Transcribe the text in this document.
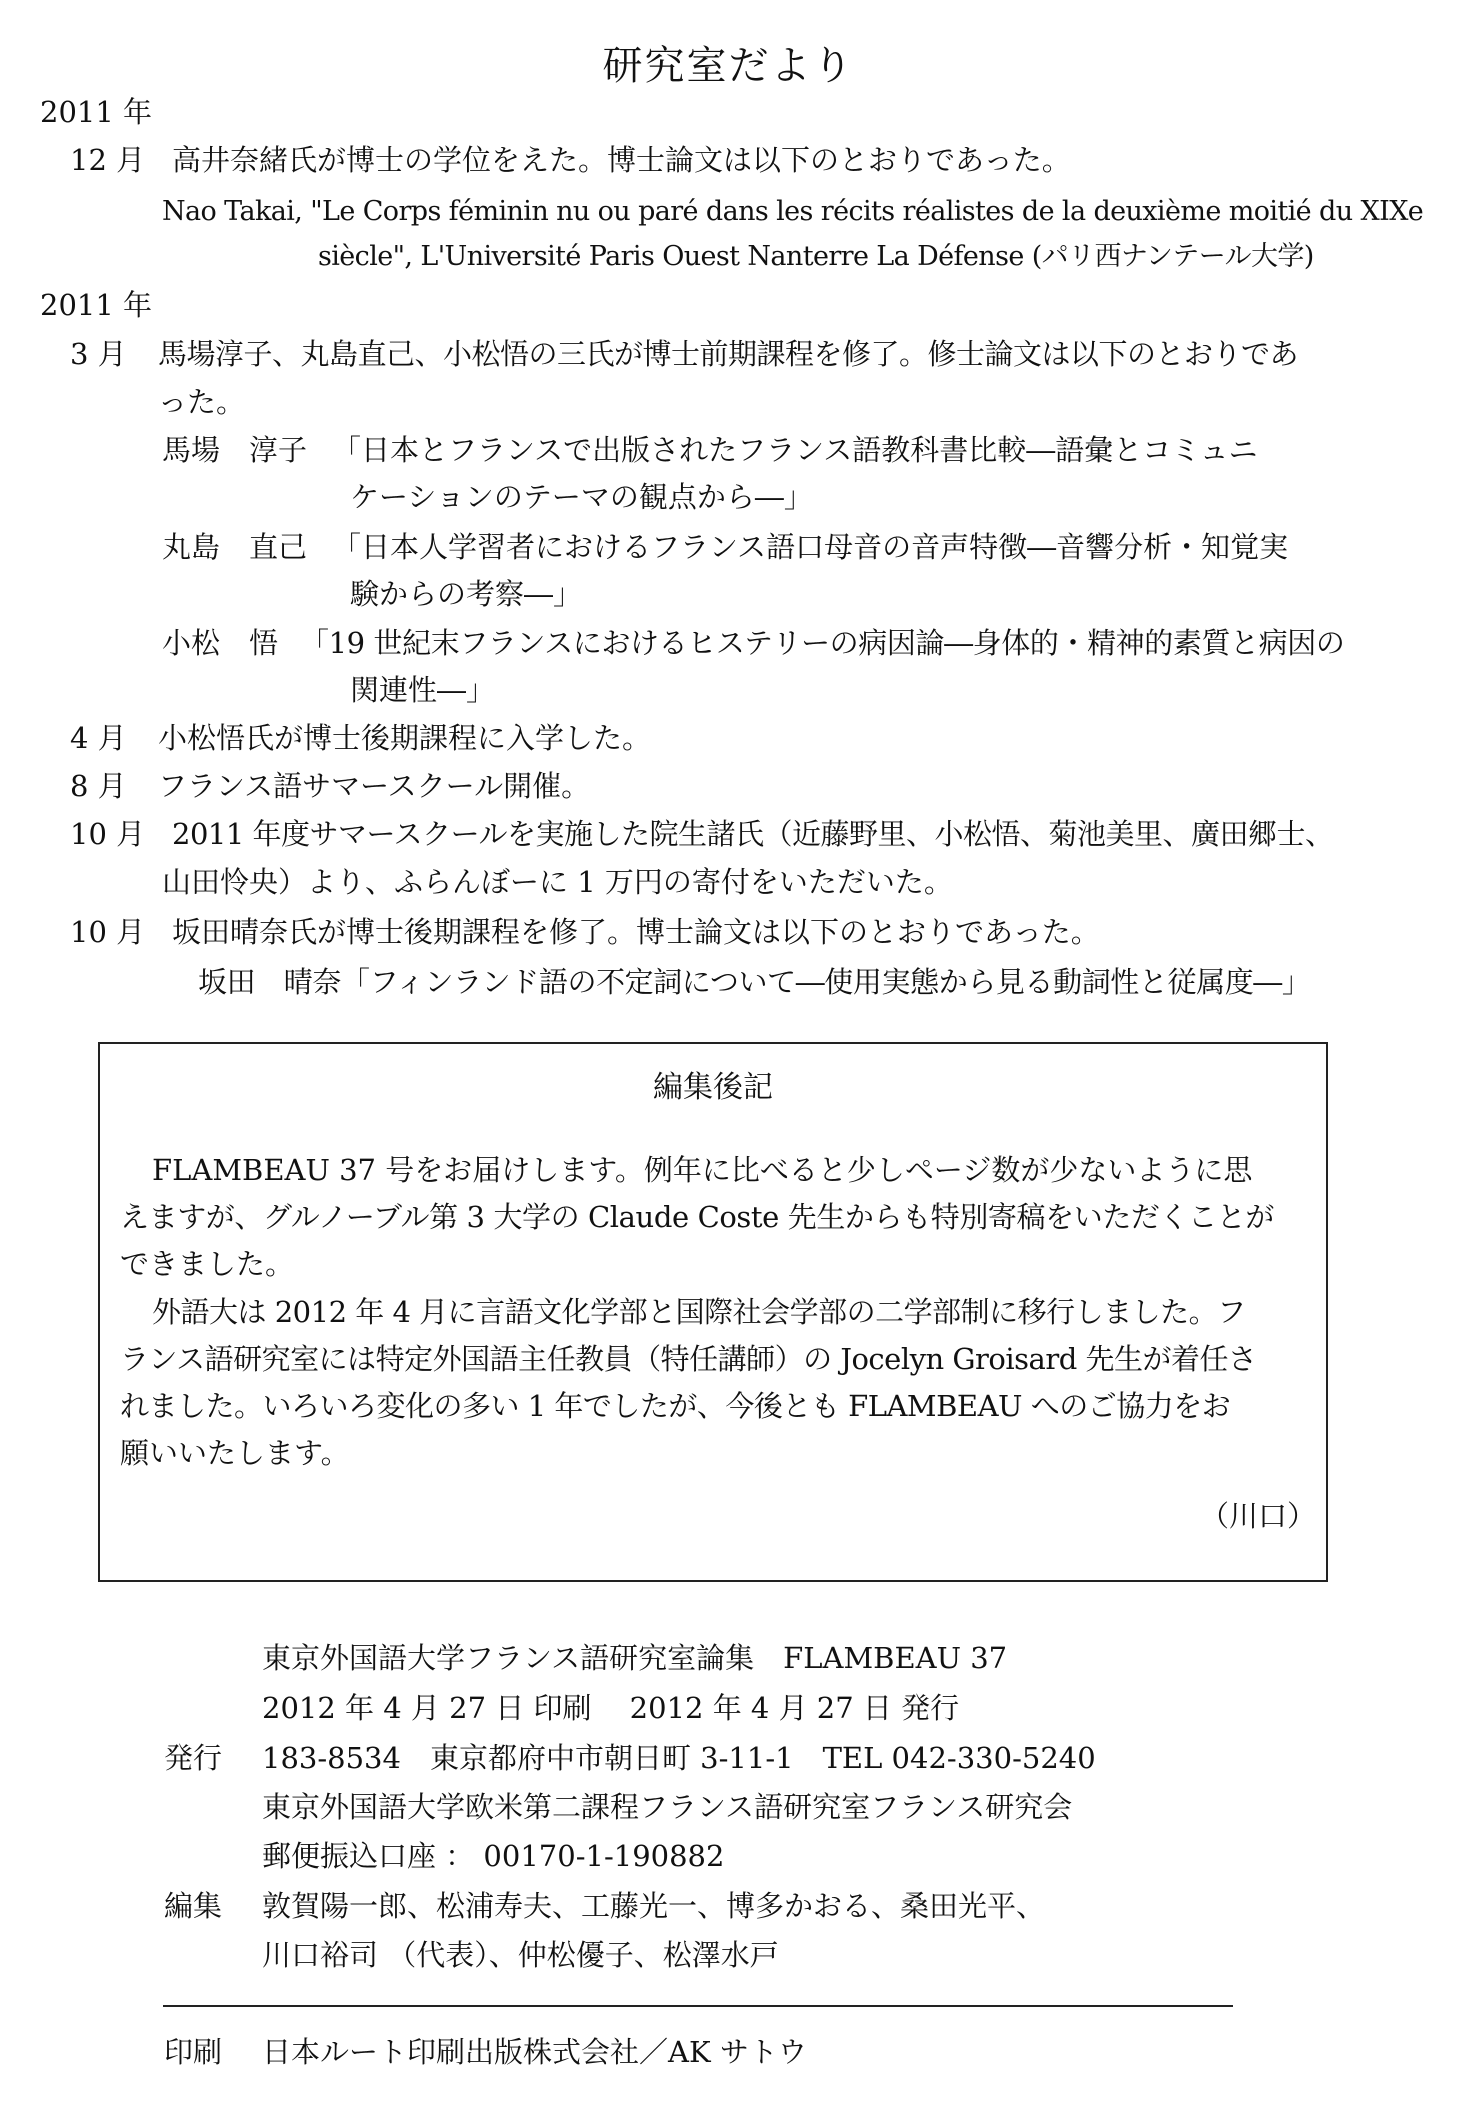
研究室だより
2011 年
12 月 高井奈緒氏が博士の学位をえた。博士論文は以下のとおりであった。
Nao Takai, "Le Corps féminin nu ou paré dans les récits réalistes de la deuxième moitié du XIXe
siècle", L'Université Paris Ouest Nanterre La Défense (パリ西ナンテール大学)
2011 年
3 月 馬場淳子、丸島直己、小松悟の三氏が博士前期課程を修了。修士論文は以下のとおりであ
った。
馬場　淳子 「日本とフランスで出版されたフランス語教科書比較―語彙とコミュニ
ケーションのテーマの観点から―」
丸島　直己 「日本人学習者におけるフランス語口母音の音声特徴―音響分析・知覚実
験からの考察―」
小松　悟 「19 世紀末フランスにおけるヒステリーの病因論―身体的・精神的素質と病因の
関連性―」
4 月 小松悟氏が博士後期課程に入学した。
8 月 フランス語サマースクール開催。
10 月 2011 年度サマースクールを実施した院生諸氏（近藤野里、小松悟、菊池美里、廣田郷士、
山田怜央）より、ふらんぼーに 1 万円の寄付をいただいた。
10 月 坂田晴奈氏が博士後期課程を修了。博士論文は以下のとおりであった。
坂田　晴奈「フィンランド語の不定詞について―使用実態から見る動詞性と従属度―」
編集後記
FLAMBEAU 37 号をお届けします。例年に比べると少しページ数が少ないように思
えますが、グルノーブル第 3 大学の Claude Coste 先生からも特別寄稿をいただくことが
できました。
外語大は 2012 年 4 月に言語文化学部と国際社会学部の二学部制に移行しました。フ
ランス語研究室には特定外国語主任教員（特任講師）の Jocelyn Groisard 先生が着任さ
れました。いろいろ変化の多い 1 年でしたが、今後とも FLAMBEAU へのご協力をお
願いいたします。
（川口）
東京外国語大学フランス語研究室論集　FLAMBEAU 37
2012 年 4 月 27 日 印刷　 2012 年 4 月 27 日 発行
発行 183-8534　東京都府中市朝日町 3-11-1　TEL 042-330-5240
東京外国語大学欧米第二課程フランス語研究室フランス研究会
郵便振込口座 ： 00170-1-190882
編集 敦賀陽一郎、松浦寿夫、工藤光一、博多かおる、桑田光平、
川口裕司 （代表）、仲松優子、松澤水戸
印刷 日本ルート印刷出版株式会社／AK サトウ
